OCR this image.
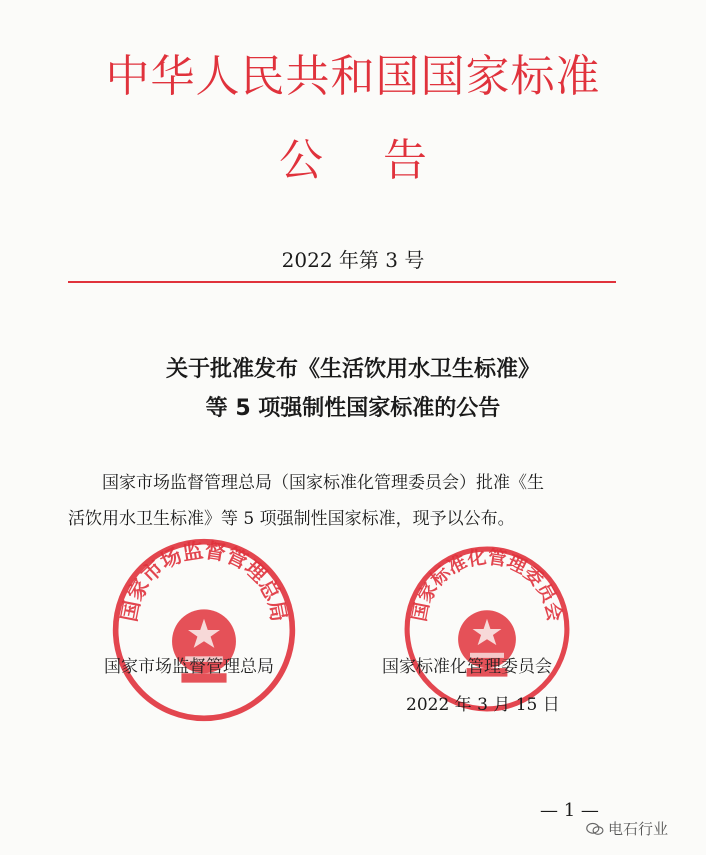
中华人民共和国国家标准
公告
2022 年第 3 号
关于批准发布《生活饮用水卫生标准》
等 5 项强制性国家标准的公告
国家市场监督管理总局（国家标准化管理委员会）批准《生
活饮用水卫生标准》等 5 项强制性国家标准，现予以公布。
国家市场监督管理总局	国家标准化管理委员会
国家市场监督管理总局	国家标准化管理委员会
2022 年 3 月 15 日
— 1 —
电石行业
